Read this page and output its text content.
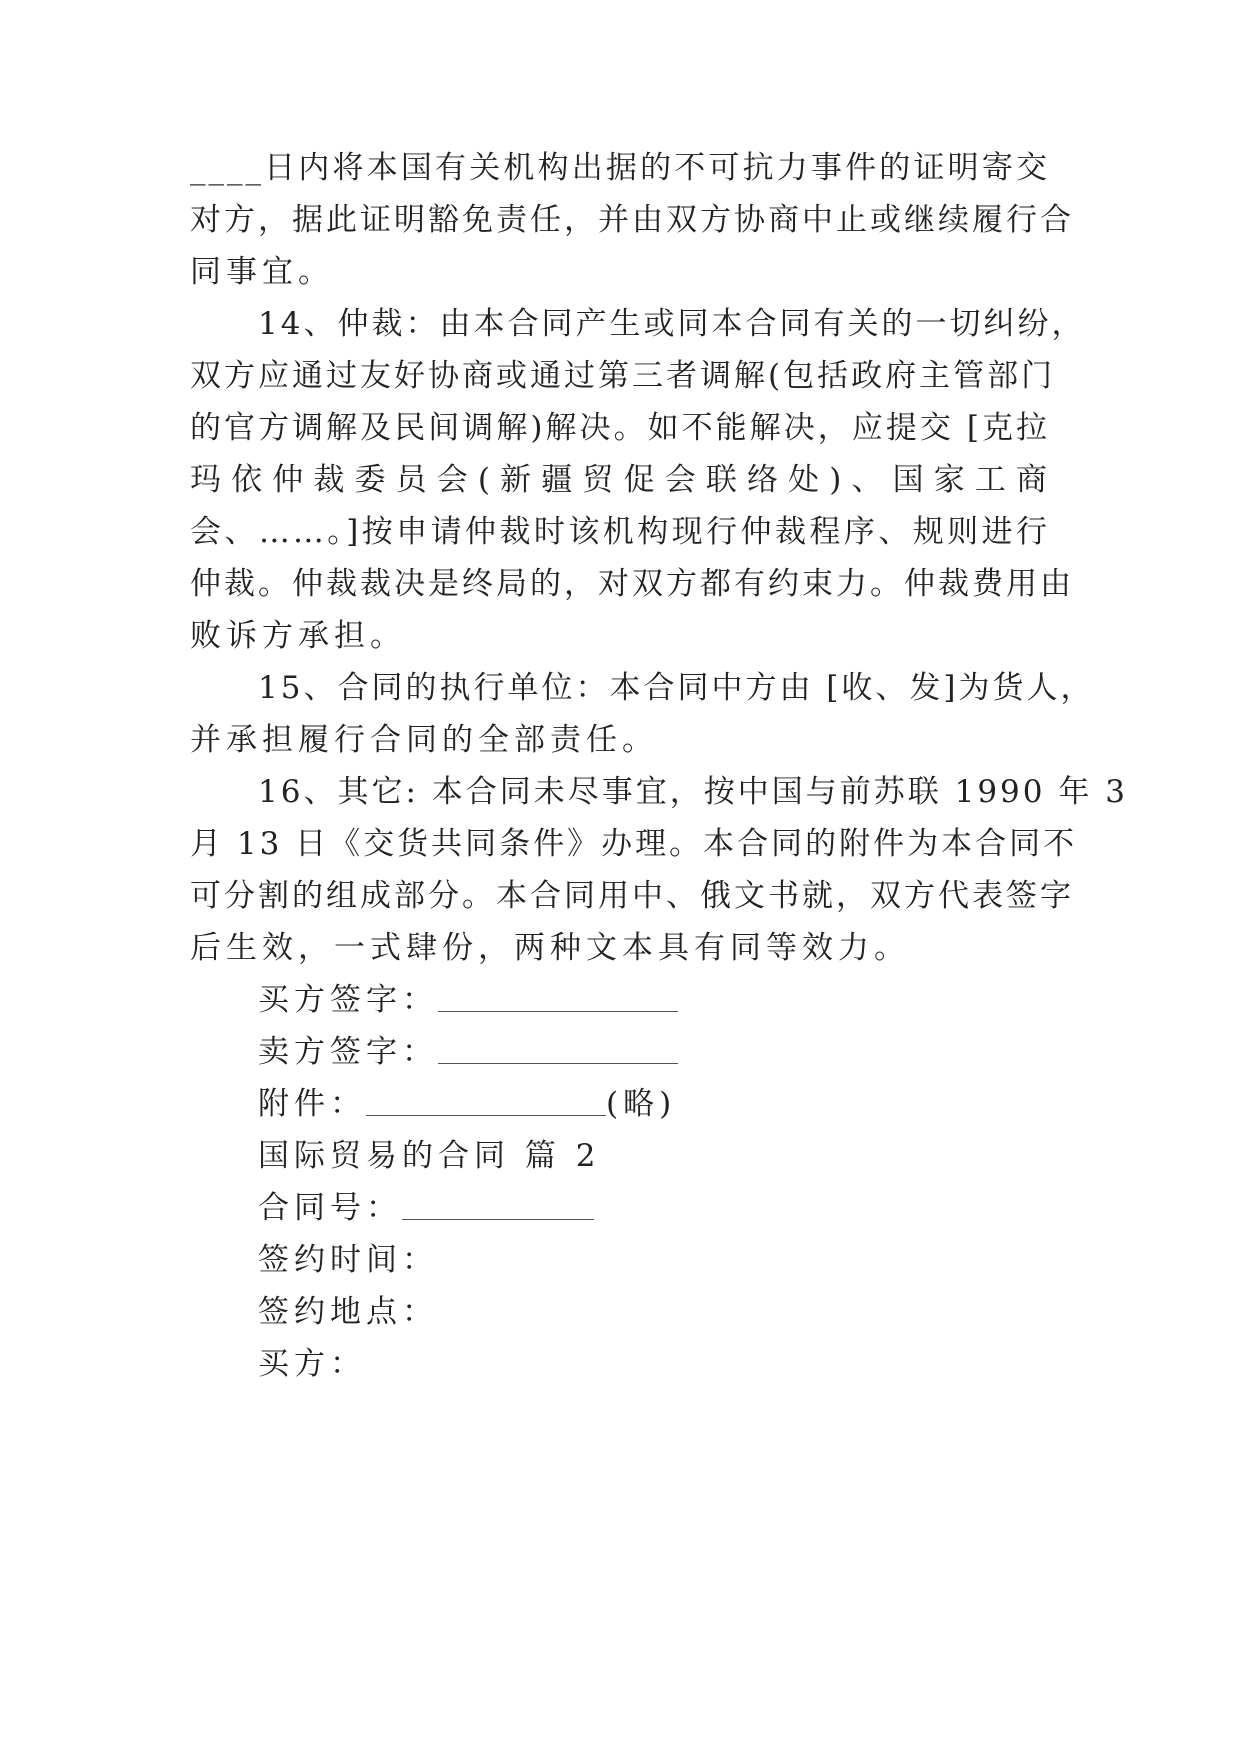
____日内将本国有关机构出据的不可抗力事件的证明寄交
对方，据此证明豁免责任，并由双方协商中止或继续履行合
同事宜。
14、仲裁：由本合同产生或同本合同有关的一切纠纷，
双方应通过友好协商或通过第三者调解(包括政府主管部门
的官方调解及民间调解)解决。如不能解决，应提交 [克拉
玛依仲裁委员会(新疆贸促会联络处)、国家工商
会、……。]按申请仲裁时该机构现行仲裁程序、规则进行
仲裁。仲裁裁决是终局的，对双方都有约束力。仲裁费用由
败诉方承担。
15、合同的执行单位：本合同中方由 [收、发]为货人，
并承担履行合同的全部责任。
16、其它: 本合同未尽事宜，按中国与前苏联 1990 年 3
月 13 日《交货共同条件》办理。本合同的附件为本合同不
可分割的组成部分。本合同用中、俄文书就，双方代表签字
后生效，一式肆份，两种文本具有同等效力。
买方签字：
卖方签字：
附件：	(略)
国际贸易的合同 篇 2
合同号：
签约时间：
签约地点：
买方：
